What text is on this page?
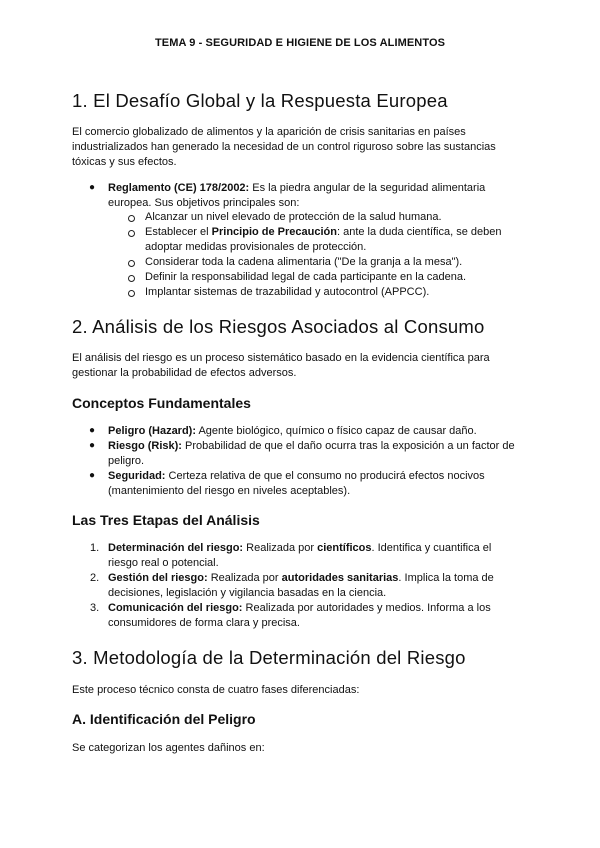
TEMA 9 - SEGURIDAD E HIGIENE DE LOS ALIMENTOS
1. El Desafío Global y la Respuesta Europea
El comercio globalizado de alimentos y la aparición de crisis sanitarias en países
industrializados han generado la necesidad de un control riguroso sobre las sustancias
tóxicas y sus efectos.
● Reglamento (CE) 178/2002: Es la piedra angular de la seguridad alimentaria
europea. Sus objetivos principales son:
Alcanzar un nivel elevado de protección de la salud humana.
Establecer el Principio de Precaución: ante la duda científica, se deben
adoptar medidas provisionales de protección.
Considerar toda la cadena alimentaria ("De la granja a la mesa").
Definir la responsabilidad legal de cada participante en la cadena.
Implantar sistemas de trazabilidad y autocontrol (APPCC).
2. Análisis de los Riesgos Asociados al Consumo
El análisis del riesgo es un proceso sistemático basado en la evidencia científica para
gestionar la probabilidad de efectos adversos.
Conceptos Fundamentales
● Peligro (Hazard): Agente biológico, químico o físico capaz de causar daño.
● Riesgo (Risk): Probabilidad de que el daño ocurra tras la exposición a un factor de
peligro.
● Seguridad: Certeza relativa de que el consumo no producirá efectos nocivos
(mantenimiento del riesgo en niveles aceptables).
Las Tres Etapas del Análisis
1. Determinación del riesgo: Realizada por científicos. Identifica y cuantifica el
riesgo real o potencial.
2. Gestión del riesgo: Realizada por autoridades sanitarias. Implica la toma de
decisiones, legislación y vigilancia basadas en la ciencia.
3. Comunicación del riesgo: Realizada por autoridades y medios. Informa a los
consumidores de forma clara y precisa.
3. Metodología de la Determinación del Riesgo
Este proceso técnico consta de cuatro fases diferenciadas:
A. Identificación del Peligro
Se categorizan los agentes dañinos en:
